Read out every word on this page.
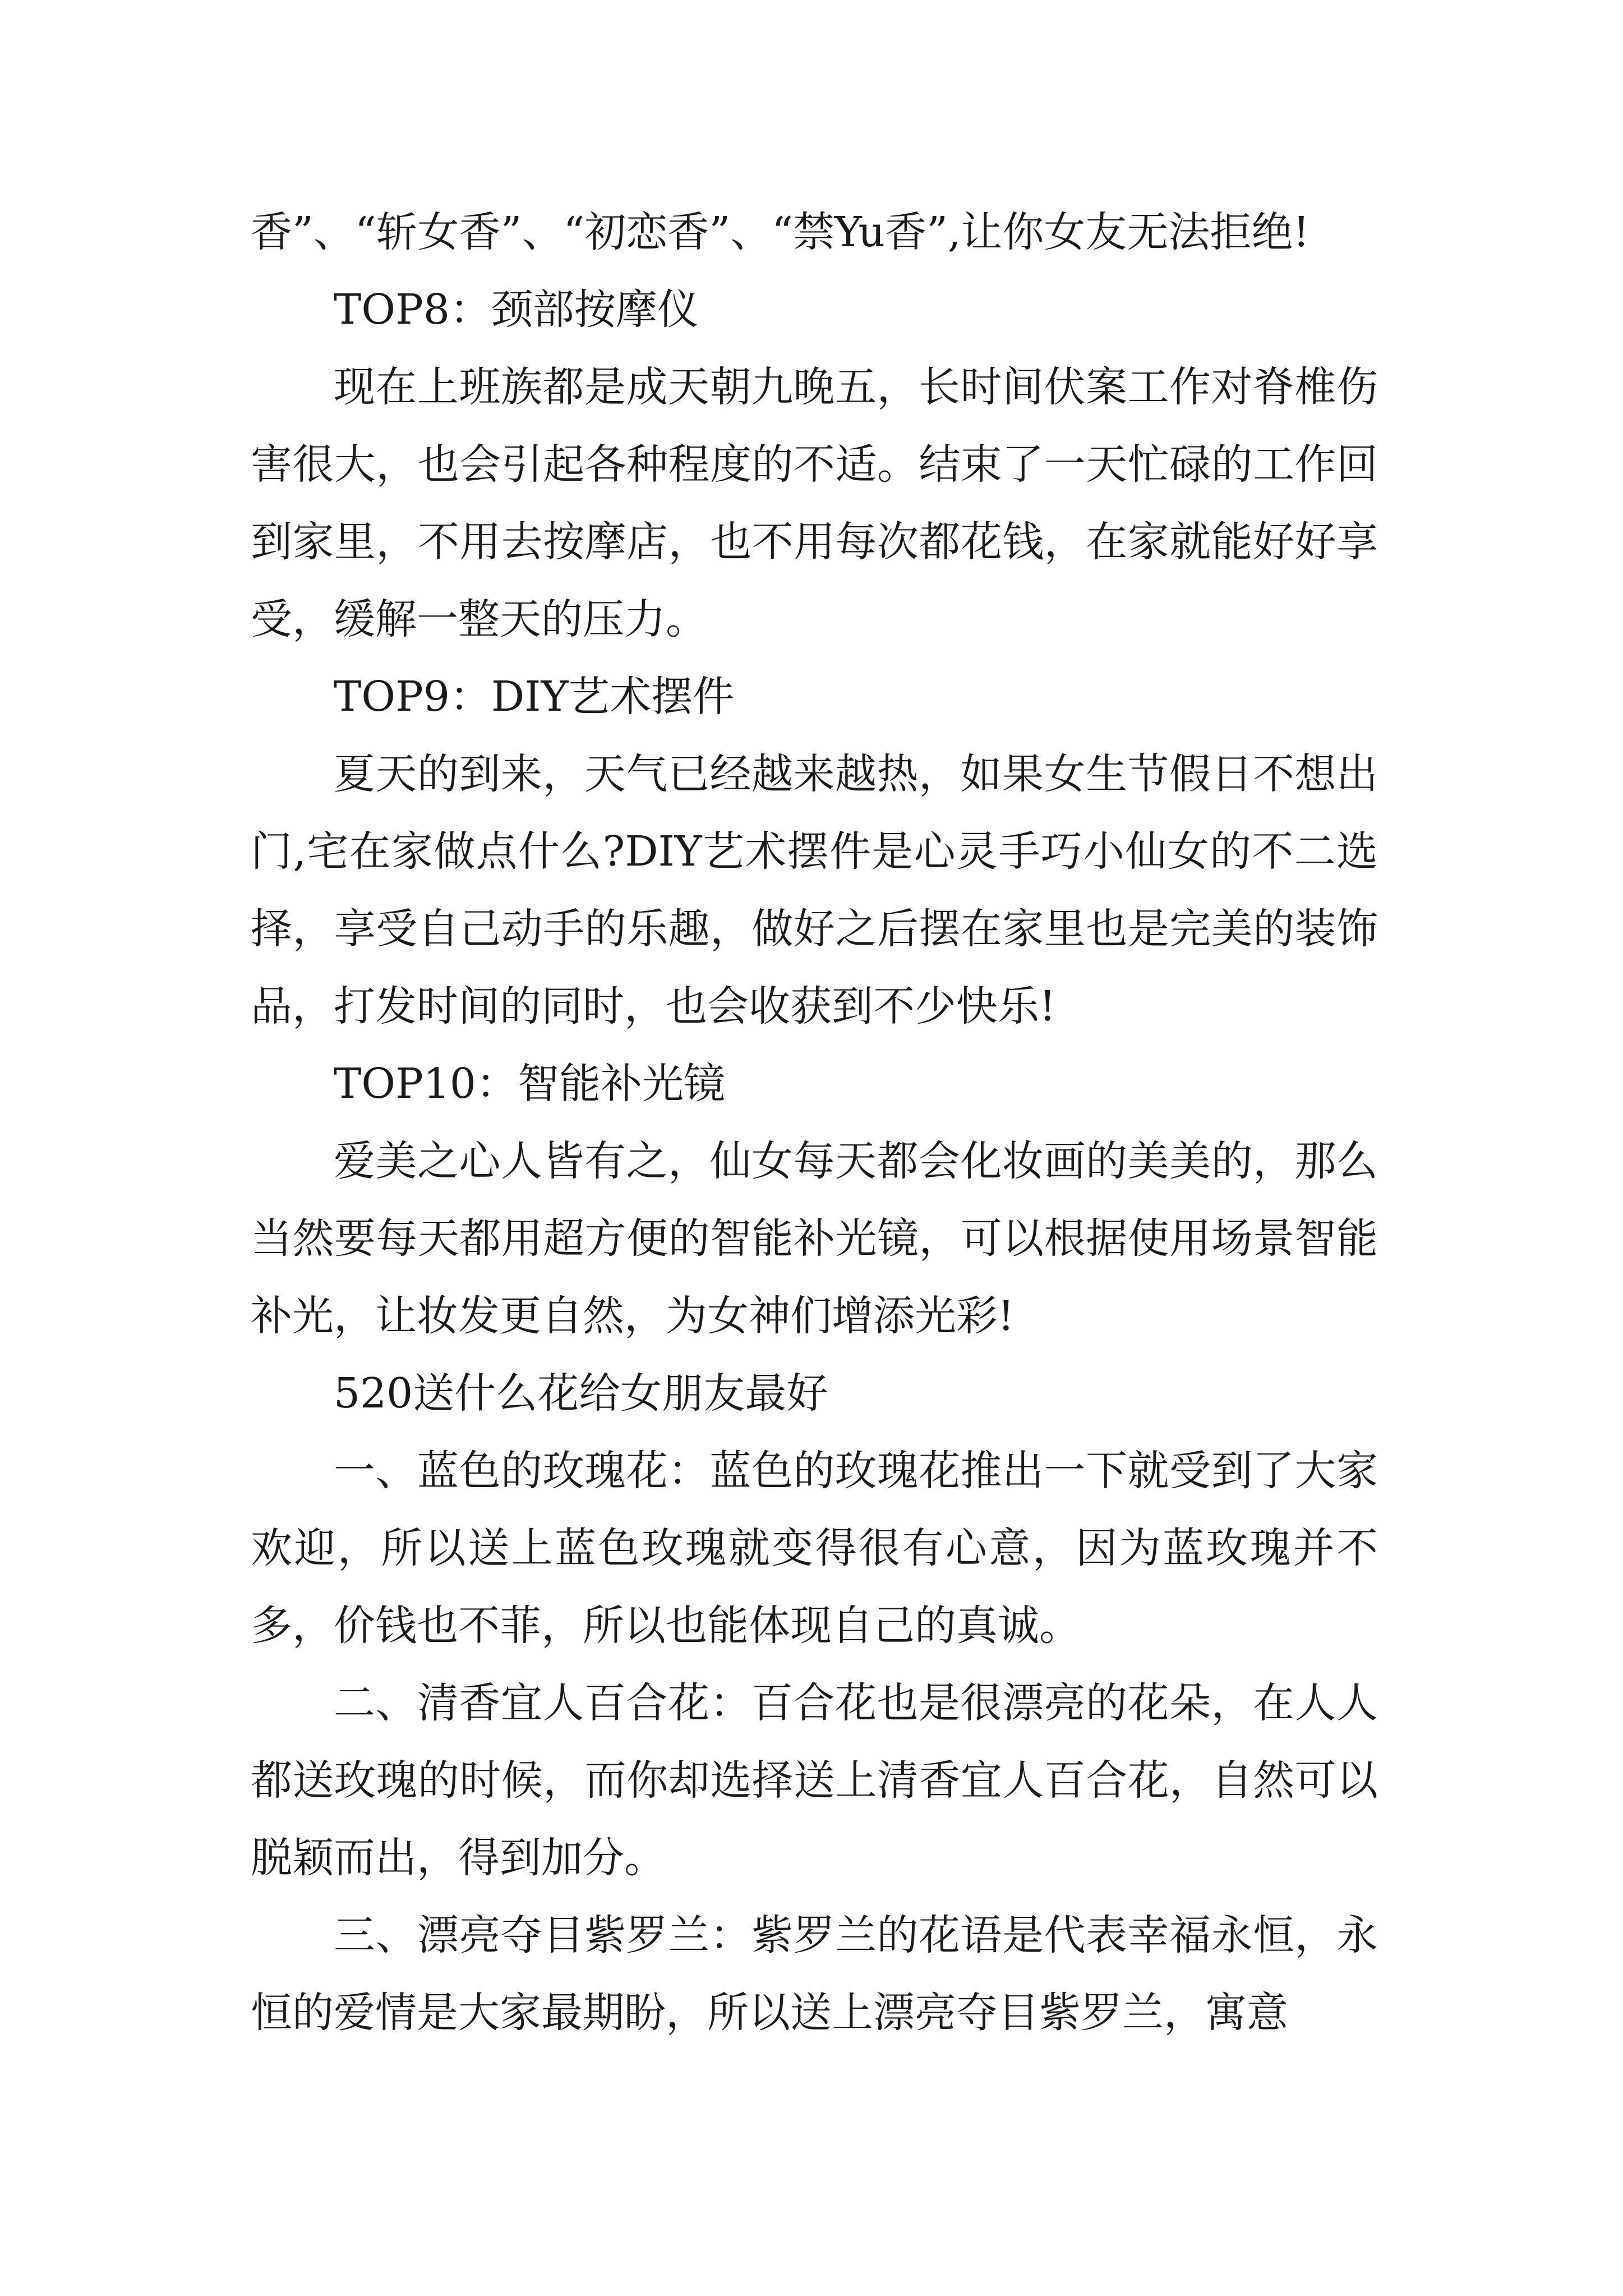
香”、“斩女香”、“初恋香”、“禁Yu香”,让你女友无法拒绝!

TOP8：颈部按摩仪

现在上班族都是成天朝九晚五，长时间伏案工作对脊椎伤害很大，也会引起各种程度的不适。结束了一天忙碌的工作回到家里，不用去按摩店，也不用每次都花钱，在家就能好好享受，缓解一整天的压力。

TOP9：DIY艺术摆件

夏天的到来，天气已经越来越热，如果女生节假日不想出门,宅在家做点什么?DIY艺术摆件是心灵手巧小仙女的不二选择，享受自己动手的乐趣，做好之后摆在家里也是完美的装饰品，打发时间的同时，也会收获到不少快乐!

TOP10：智能补光镜

爱美之心人皆有之，仙女每天都会化妆画的美美的，那么当然要每天都用超方便的智能补光镜，可以根据使用场景智能补光，让妆发更自然，为女神们增添光彩!

520送什么花给女朋友最好

一、蓝色的玫瑰花：蓝色的玫瑰花推出一下就受到了大家欢迎，所以送上蓝色玫瑰就变得很有心意，因为蓝玫瑰并不多，价钱也不菲，所以也能体现自己的真诚。

二、清香宜人百合花：百合花也是很漂亮的花朵，在人人都送玫瑰的时候，而你却选择送上清香宜人百合花，自然可以脱颖而出，得到加分。

三、漂亮夺目紫罗兰：紫罗兰的花语是代表幸福永恒，永恒的爱情是大家最期盼，所以送上漂亮夺目紫罗兰，寓意
